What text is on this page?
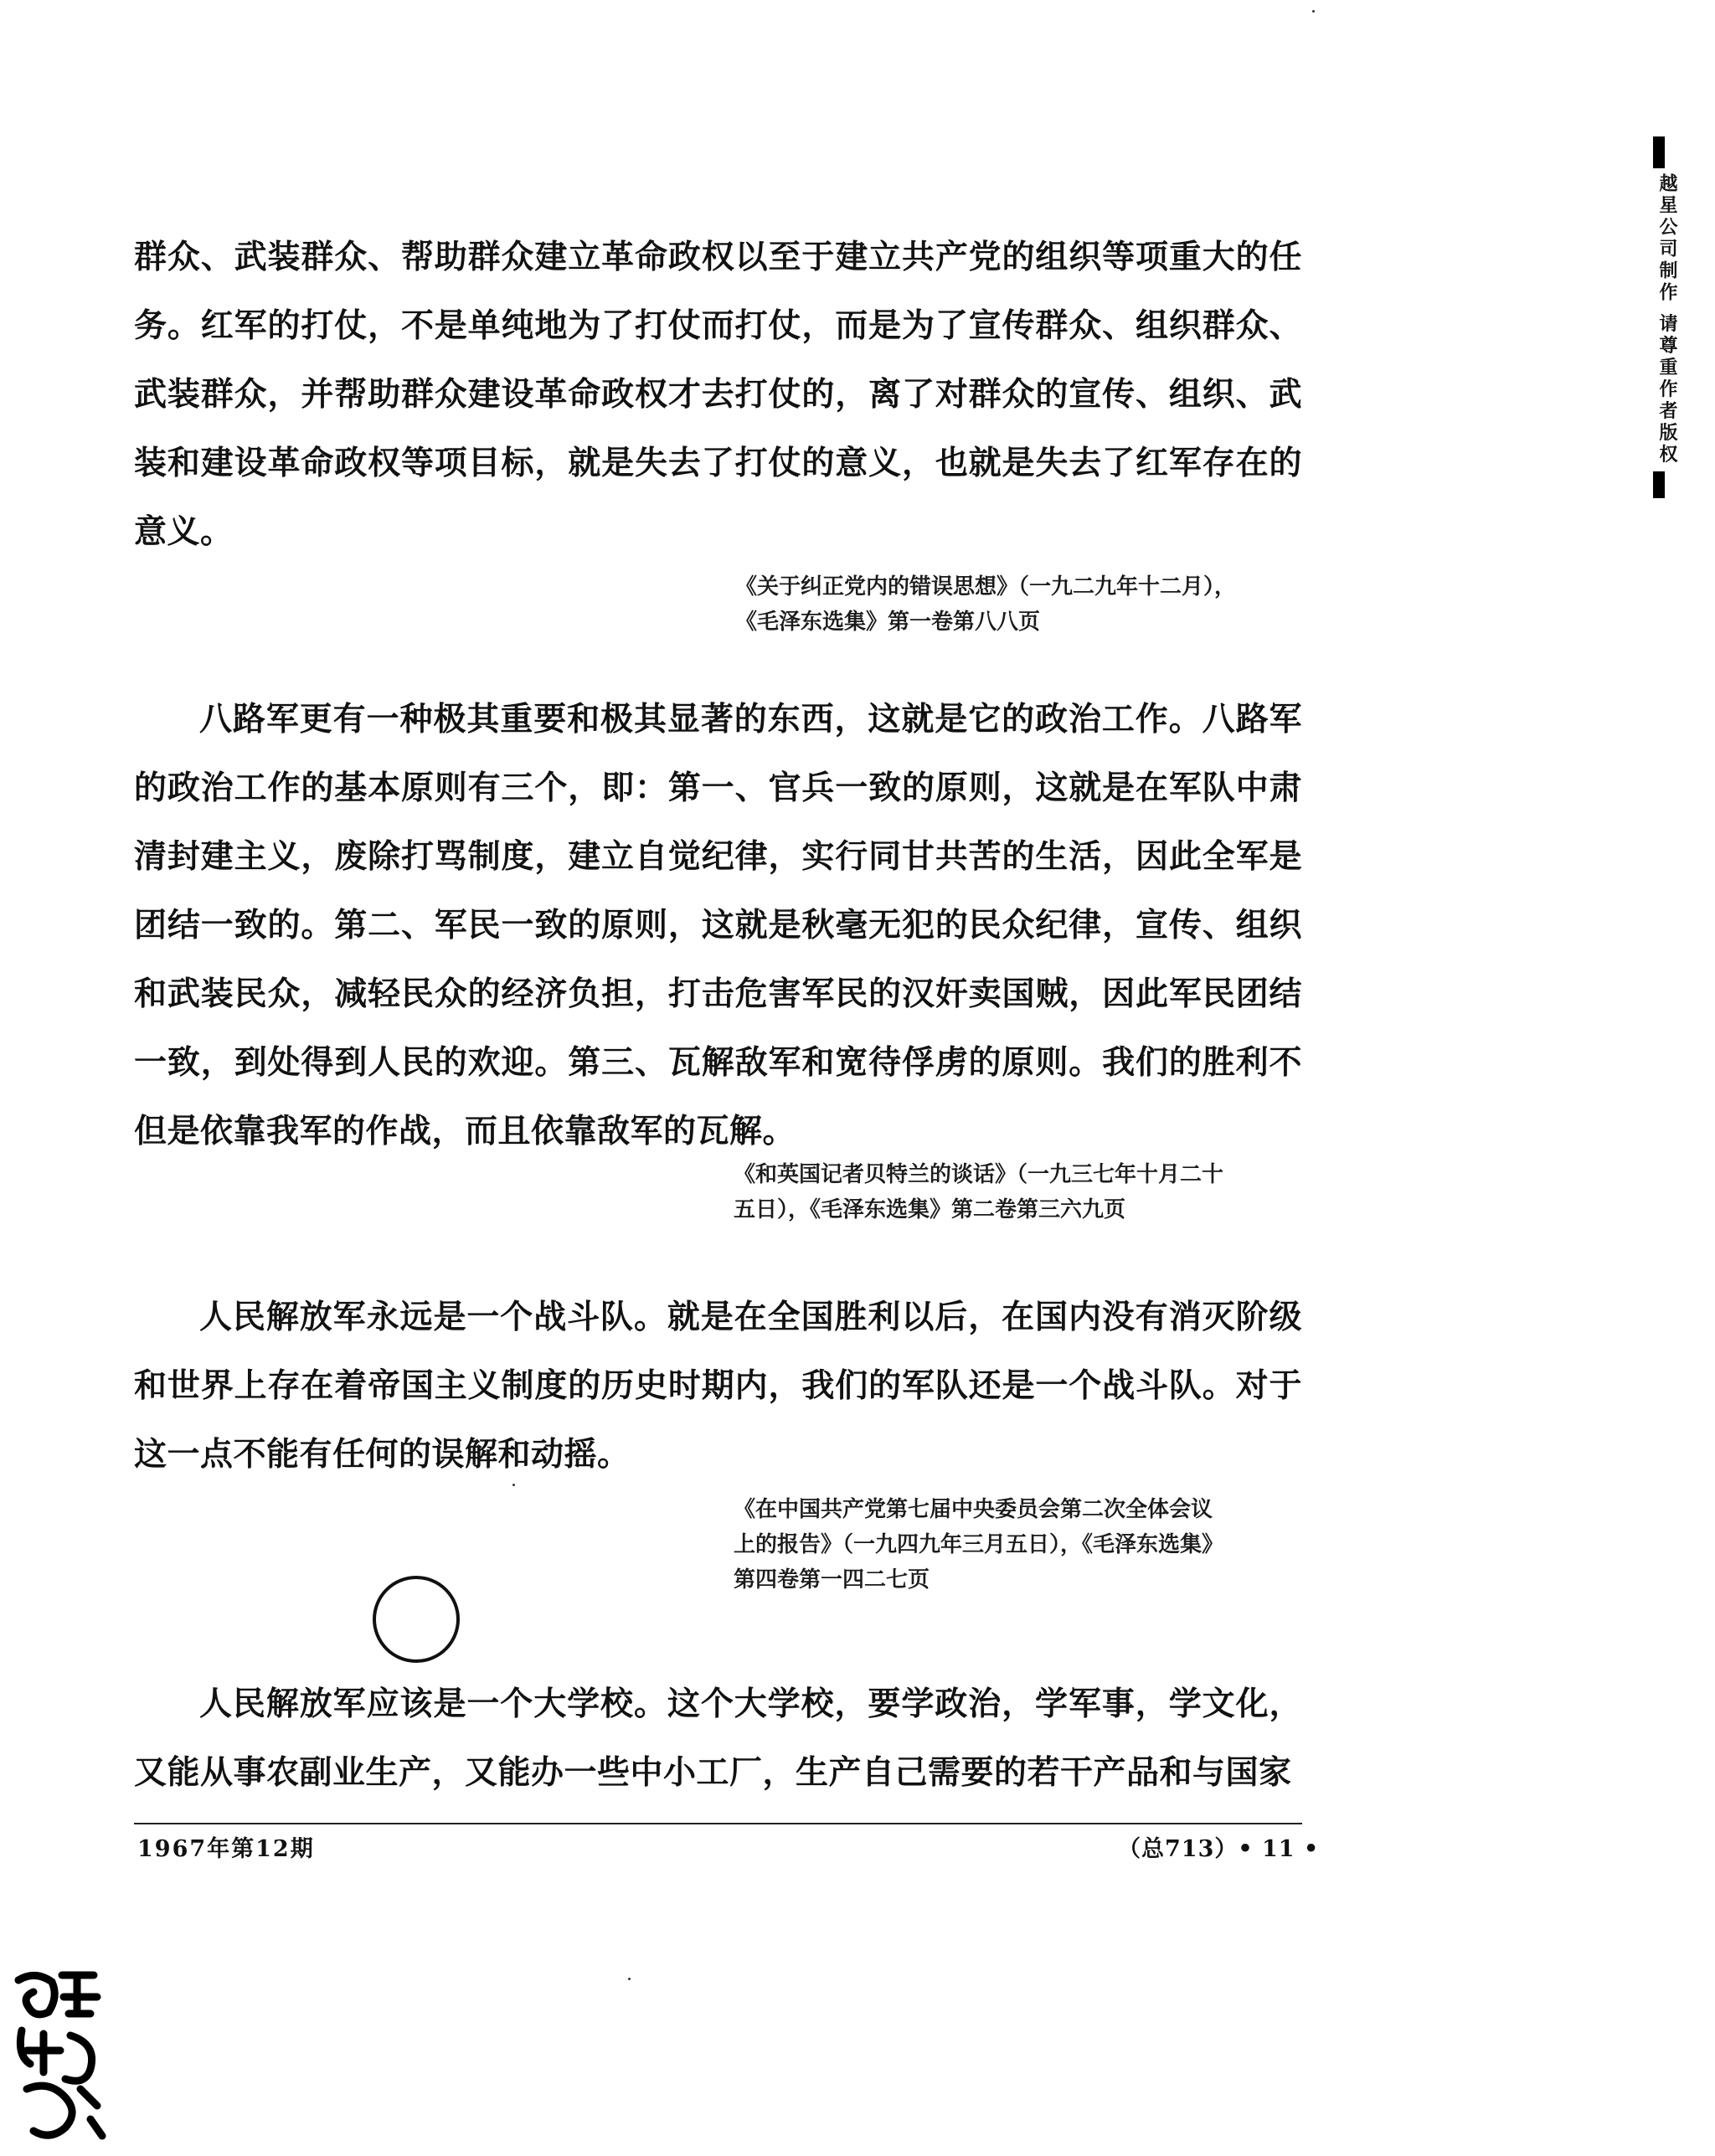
群众、武装群众、帮助群众建立革命政权以至于建立共产党的组织等项重大的任务。红军的打仗，不是单纯地为了打仗而打仗，而是为了宣传群众、组织群众、武装群众，并帮助群众建设革命政权才去打仗的，离了对群众的宣传、组织、武装和建设革命政权等项目标，就是失去了打仗的意义，也就是失去了红军存在的意义。

《关于纠正党内的错误思想》（一九二九年十二月），
《毛泽东选集》第一卷第八八页

八路军更有一种极其重要和极其显著的东西，这就是它的政治工作。八路军的政治工作的基本原则有三个，即：第一、官兵一致的原则，这就是在军队中肃清封建主义，废除打骂制度，建立自觉纪律，实行同甘共苦的生活，因此全军是团结一致的。第二、军民一致的原则，这就是秋毫无犯的民众纪律，宣传、组织和武装民众，减轻民众的经济负担，打击危害军民的汉奸卖国贼，因此军民团结一致，到处得到人民的欢迎。第三、瓦解敌军和宽待俘虏的原则。我们的胜利不但是依靠我军的作战，而且依靠敌军的瓦解。

《和英国记者贝特兰的谈话》（一九三七年十月二十
五日），《毛泽东选集》第二卷第三六九页

人民解放军永远是一个战斗队。就是在全国胜利以后，在国内没有消灭阶级和世界上存在着帝国主义制度的历史时期内，我们的军队还是一个战斗队。对于这一点不能有任何的误解和动摇。

《在中国共产党第七届中央委员会第二次全体会议
上的报告》（一九四九年三月五日），《毛泽东选集》
第四卷第一四二七页

人民解放军应该是一个大学校。这个大学校，要学政治，学军事，学文化，又能从事农副业生产，又能办一些中小工厂，生产自己需要的若干产品和与国家

1967年第12期	（总713）• 11 •
越星公司制作 请尊重作者版权
